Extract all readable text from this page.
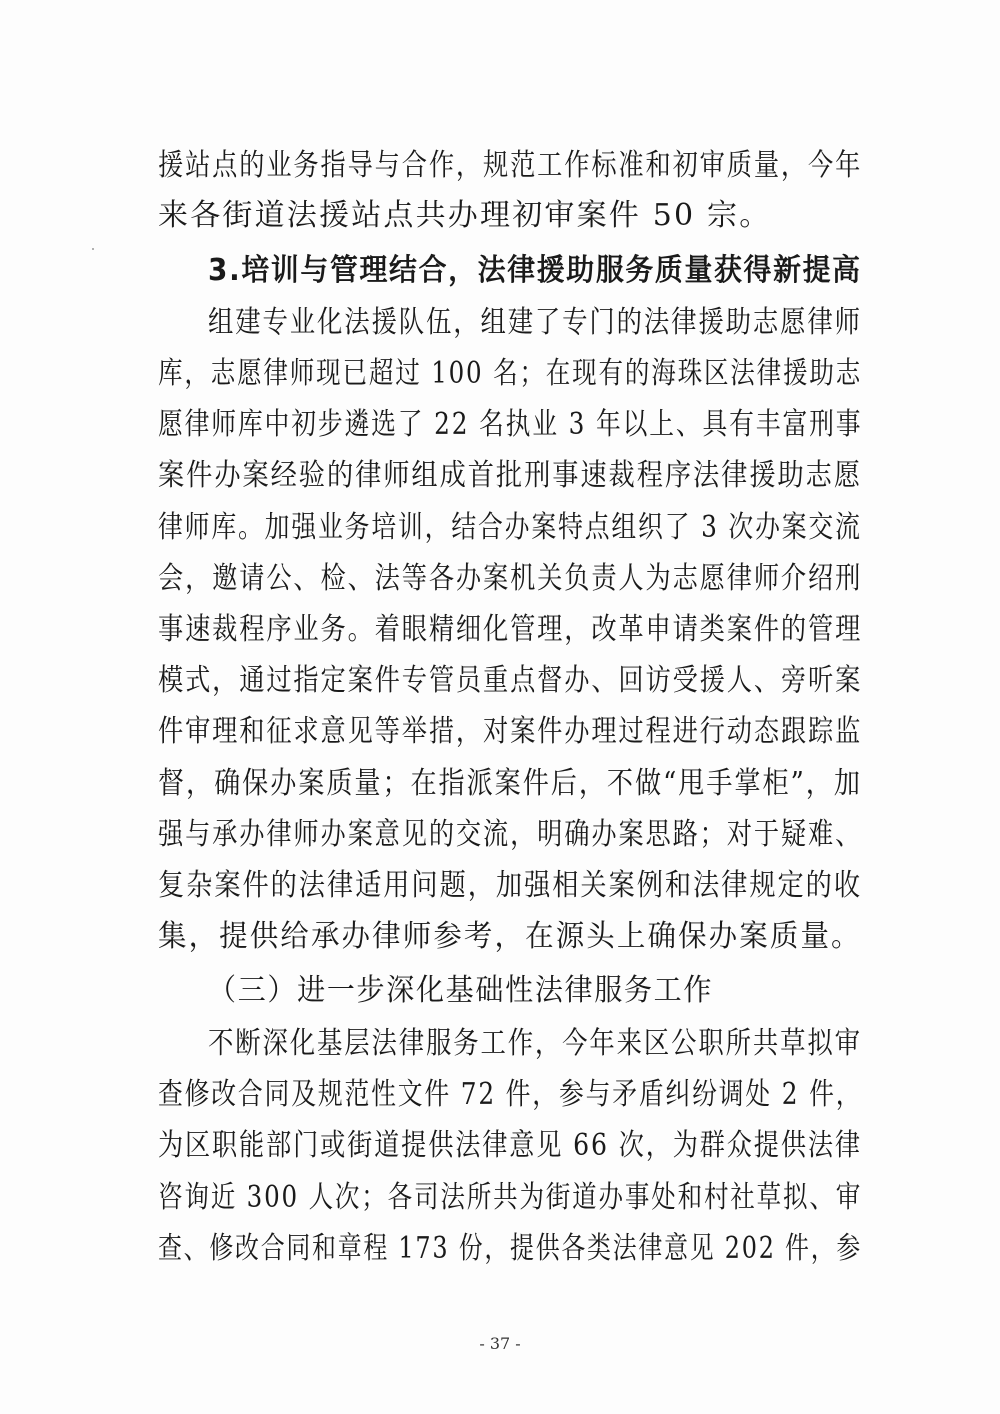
援站点的业务指导与合作，规范工作标准和初审质量，今年
来各街道法援站点共办理初审案件 50 宗。
3.培训与管理结合，法律援助服务质量获得新提高
组建专业化法援队伍，组建了专门的法律援助志愿律师
库，志愿律师现已超过 100 名；在现有的海珠区法律援助志
愿律师库中初步遴选了 22 名执业 3 年以上、具有丰富刑事
案件办案经验的律师组成首批刑事速裁程序法律援助志愿
律师库。加强业务培训，结合办案特点组织了 3 次办案交流
会，邀请公、检、法等各办案机关负责人为志愿律师介绍刑
事速裁程序业务。着眼精细化管理，改革申请类案件的管理
模式，通过指定案件专管员重点督办、回访受援人、旁听案
件审理和征求意见等举措，对案件办理过程进行动态跟踪监
督，确保办案质量；在指派案件后，不做“甩手掌柜”，加
强与承办律师办案意见的交流，明确办案思路；对于疑难、
复杂案件的法律适用问题，加强相关案例和法律规定的收
集，提供给承办律师参考，在源头上确保办案质量。
（三）进一步深化基础性法律服务工作
不断深化基层法律服务工作，今年来区公职所共草拟审
查修改合同及规范性文件 72 件，参与矛盾纠纷调处 2 件，
为区职能部门或街道提供法律意见 66 次，为群众提供法律
咨询近 300 人次；各司法所共为街道办事处和村社草拟、审
查、修改合同和章程 173 份，提供各类法律意见 202 件，参
- 37 -
